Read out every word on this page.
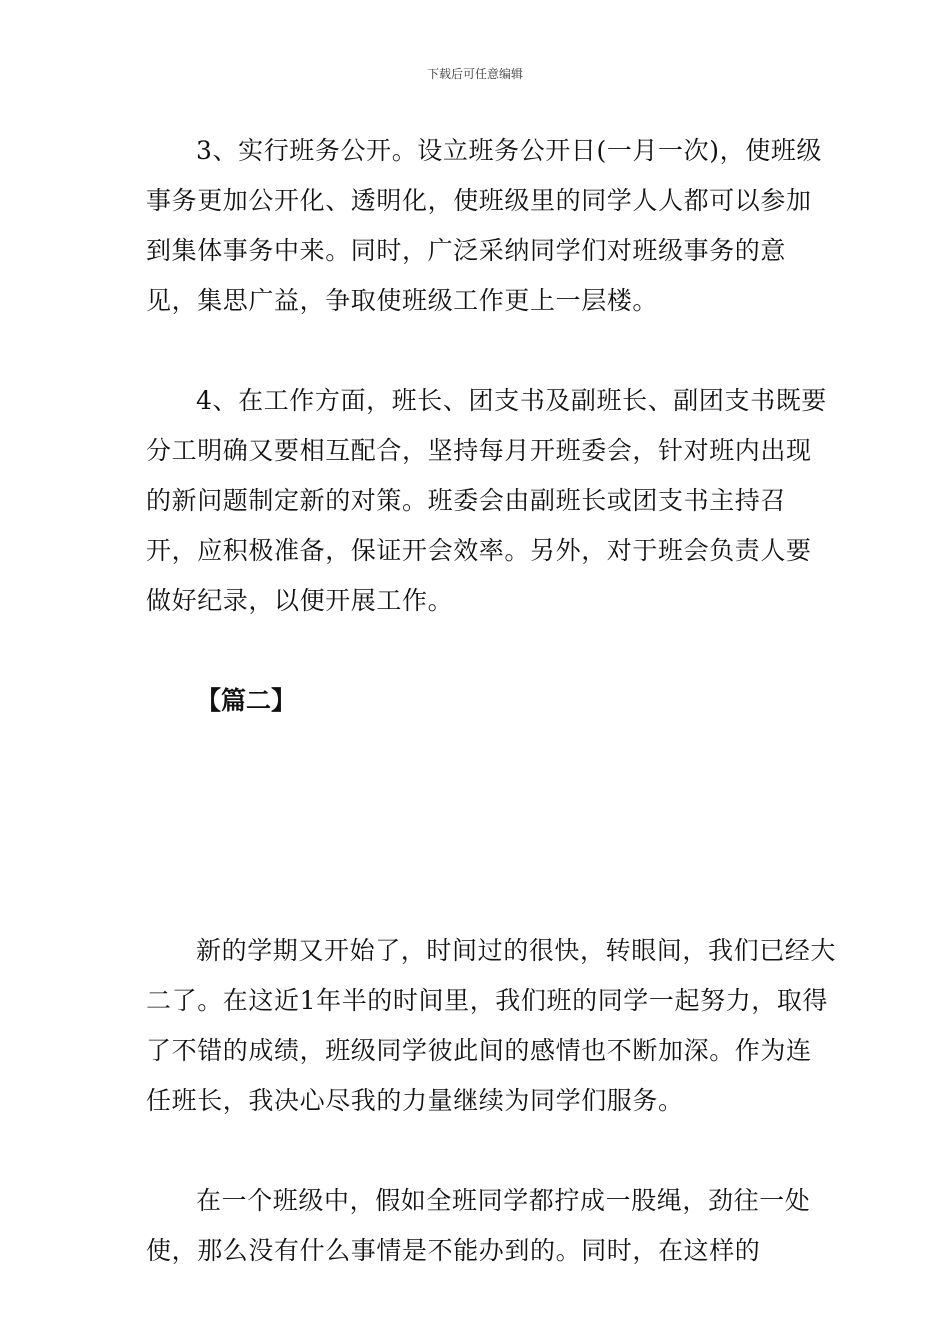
下载后可任意编辑

3、实行班务公开。设立班务公开日(一月一次)，使班级事务更加公开化、透明化，使班级里的同学人人都可以参加到集体事务中来。同时，广泛采纳同学们对班级事务的意见，集思广益，争取使班级工作更上一层楼。

4、在工作方面，班长、团支书及副班长、副团支书既要分工明确又要相互配合，坚持每月开班委会，针对班内出现的新问题制定新的对策。班委会由副班长或团支书主持召开，应积极准备，保证开会效率。另外，对于班会负责人要做好纪录，以便开展工作。

【篇二】

新的学期又开始了，时间过的很快，转眼间，我们已经大二了。在这近1年半的时间里，我们班的同学一起努力，取得了不错的成绩，班级同学彼此间的感情也不断加深。作为连任班长，我决心尽我的力量继续为同学们服务。

在一个班级中，假如全班同学都拧成一股绳，劲往一处使，那么没有什么事情是不能办到的。同时，在这样的
